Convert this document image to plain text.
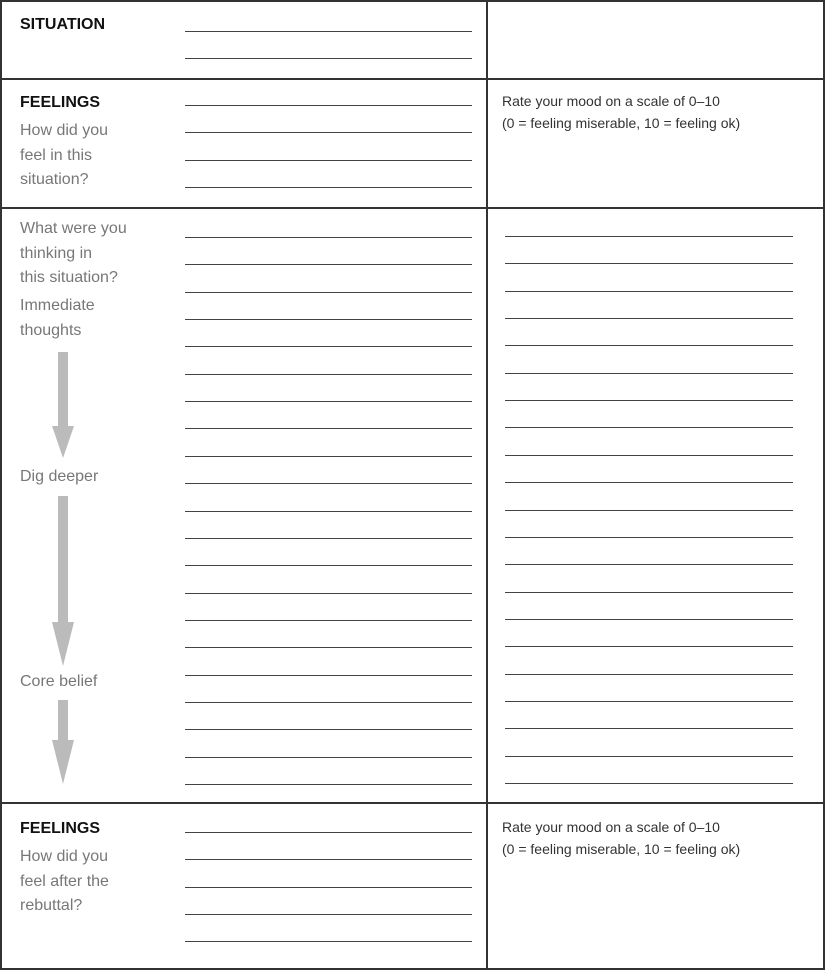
SITUATION
FEELINGS
How did you
feel in this
situation?
Rate your mood on a scale of 0–10
(0 = feeling miserable, 10 = feeling ok)
What were you
thinking in
this situation?
Immediate
thoughts
Dig deeper
Core belief
FEELINGS
How did you
feel after the
rebuttal?
Rate your mood on a scale of 0–10
(0 = feeling miserable, 10 = feeling ok)
